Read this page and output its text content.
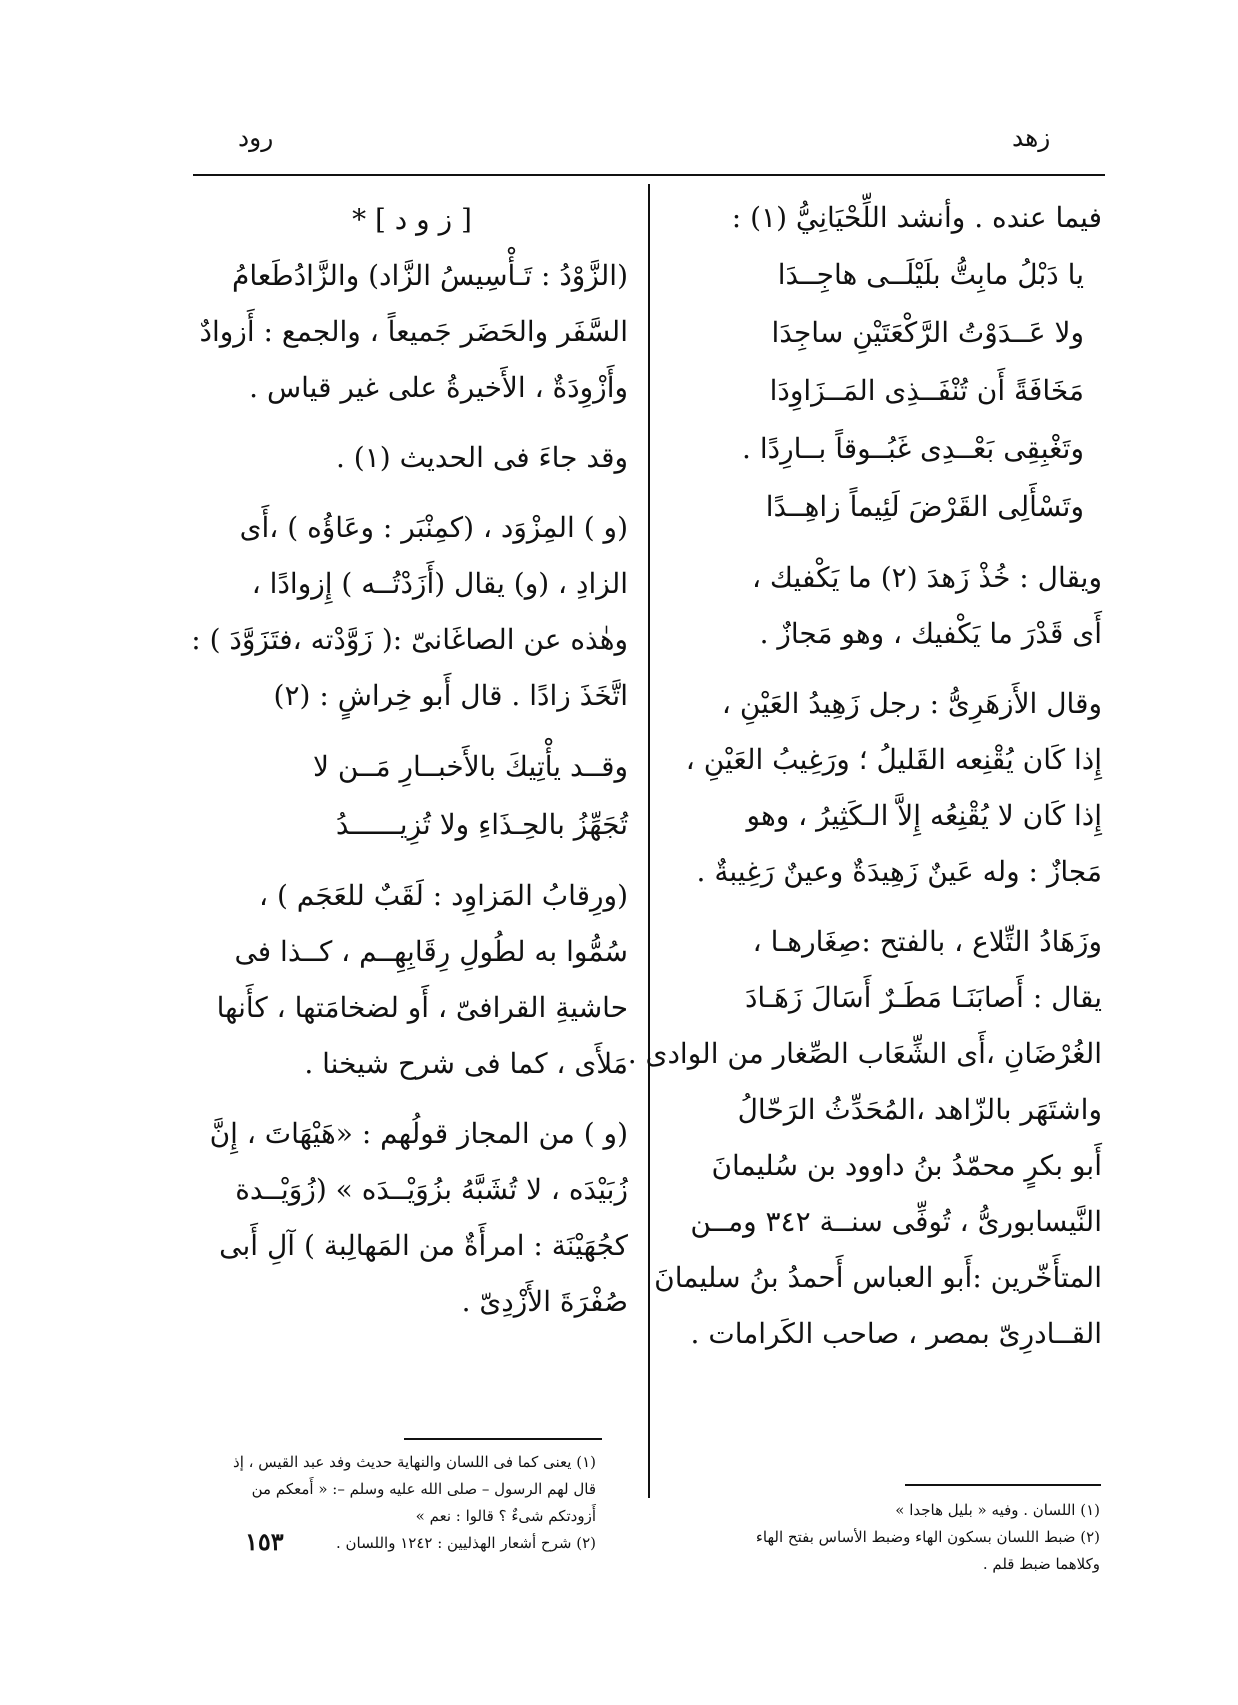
رود	زهد
فيما عنده . وأنشد اللِّحْيَانِيُّ (١) :
يا دَبْلُ مابِتُّ بلَيْلَــى هاجِــدَا
ولا عَــدَوْتُ الرَّكْعَتَيْنِ ساجِدَا
مَخَافَةً أَن تُنْفَــذِى المَــزَاوِدَا
وتَغْبِقِى بَعْــدِى غَبُــوقاً بــارِدًا .
وتَسْأَلِى القَرْضَ لَئِيماً زاهِــدًا
ويقال : خُذْ زَهدَ (٢) ما يَكْفيك ،
أَى قَدْرَ ما يَكْفيك ، وهو مَجازٌ .
وقال الأَزهَرِىُّ : رجل زَهِيدُ العَيْنِ ،
إِذا كَان يُقْنِعه القَليلُ ؛ ورَغِيبُ العَيْنِ ،
إِذا كَان لا يُقْنِعُه إِلاَّ الـكَثِيرُ ، وهو
مَجازٌ : وله عَينٌ زَهِيدَةٌ وعينٌ رَغِيبةٌ .
وزَهَادُ التِّلاع ، بالفتح :صِغَارهـا ،
يقال : أَصابَنَـا مَطَـرٌ أَسَالَ زَهَـادَ
الغُرْضَانِ ،أَى الشِّعَاب الصِّغار من الوادى .
واشتَهَر بالزّاهد ،المُحَدِّثُ الرَحّالُ
أَبو بكرٍ محمّدُ بنُ داوود بن سُليمانَ
النَّيسابورىُّ ، تُوفِّى سنــة ٣٤٢ ومــن
المتأَخّرين :أَبو العباس أَحمدُ بنُ سليمانَ
القــادرِىّ بمصر ، صاحب الكَرامات .
(١) اللسان . وفيه « بليل هاجدا »
(٢) ضبط اللسان بسكون الهاء وضبط الأساس بفتح الهاء
وكلاهما ضبط قلم .
[ ز و د ] *
(الزَّوْدُ : تَـأْسِيسُ الزَّاد) والزَّادُطَعامُ
السَّفَر والحَضَر جَميعاً ، والجمع : أَزوادٌ
وأَزْوِدَةٌ ، الأَخيرةُ على غير قياس .
وقد جاءَ فى الحديث (١) .
(و ) المِزْوَد ، (كمِنْبَر : وعَاؤُه ) ،أَى
الزادِ ، (و) يقال (أَزَدْتُــه ) إِزوادًا ،
وهٰذه عن الصاغَانىّ :( زَوَّدْته ،فتَزَوَّدَ ) :
اتَّخَذَ زادًا . قال أَبو خِراشٍ : (٢)
وقــد يأْتِيكَ بالأَخبــارِ مَــن لا
تُجَهِّزُ بالحِـذَاءِ ولا تُزِيــــــدُ
(ورِقابُ المَزاوِد : لَقَبٌ للعَجَم ) ،
سُمُّوا به لطُولِ رِقَابِهِــم ، كــذا فى
حاشيةِ القرافىّ ، أَو لضخامَتها ، كأَنها
مَلأَى ، كما فى شرح شيخنا .
(و ) من المجاز قولُهم : «هَيْهَاتَ ، إِنَّ
زُبَيْدَه ، لا تُشَبَّهُ بزُوَيْــدَه » (زُوَيْــدة
كجُهَيْنَة : امرأَةٌ من المَهالِبة ) آلِ أَبى
صُفْرَةَ الأَزْدِىّ .
(١) يعنى كما فى اللسان والنهاية حديث وفد عبد القيس ، إذ
قال لهم الرسول – صلى الله عليه وسلم –: « أَمعكم من
أَزودتكم شىءٌ ؟ قالوا : نعم »
(٢) شرح أشعار الهذليين : ١٢٤٢ واللسان .
١٥٣
